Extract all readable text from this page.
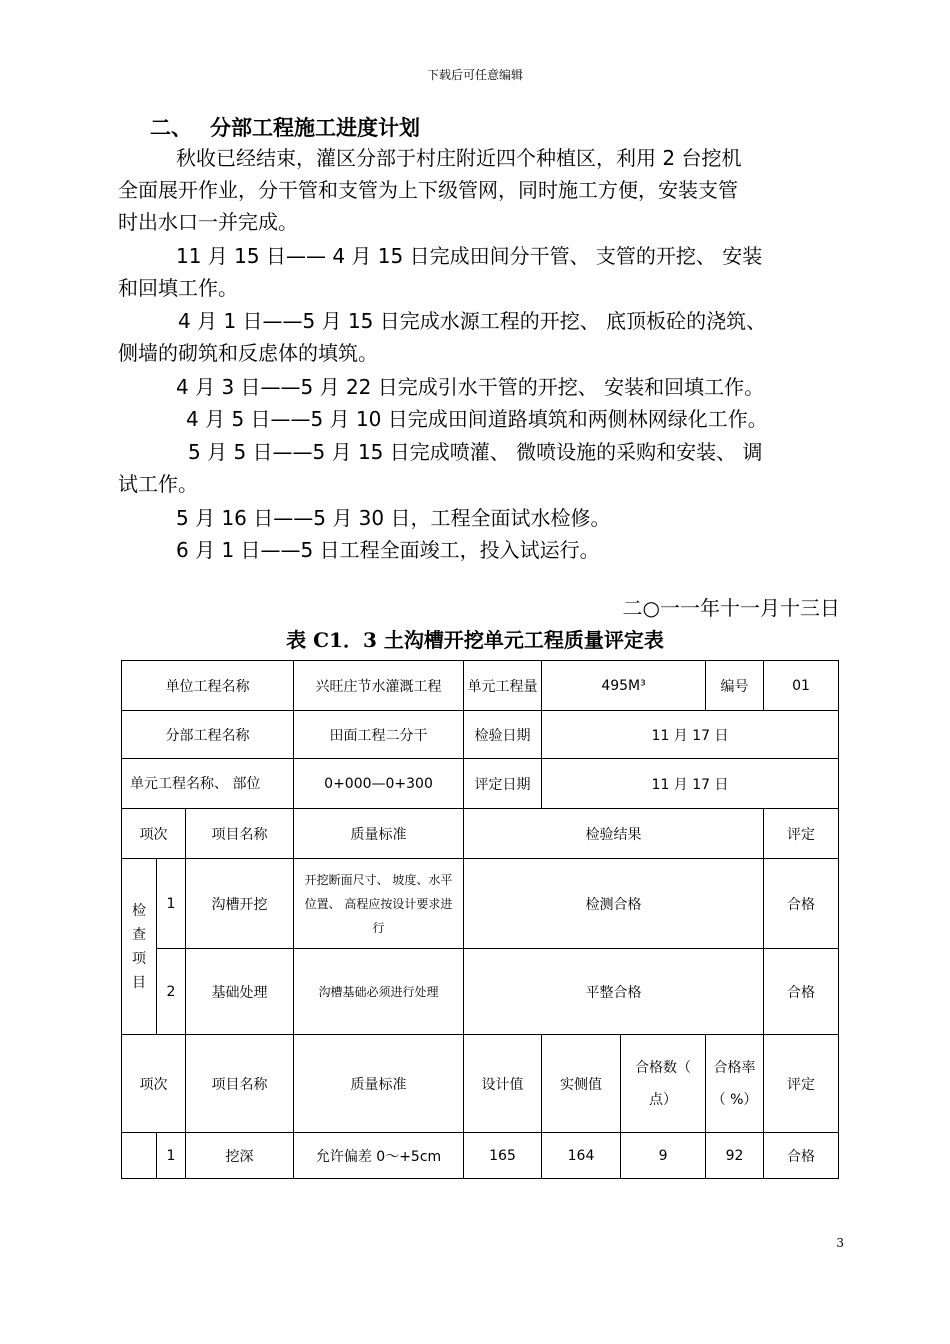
下载后可任意编辑
二、 分部工程施工进度计划
秋收已经结束，灌区分部于村庄附近四个种植区，利用 2 台挖机
全面展开作业，分干管和支管为上下级管网，同时施工方便，安装支管
时出水口一并完成。
11 月 15 日—— 4 月 15 日完成田间分干管、 支管的开挖、 安装
和回填工作。
4 月 1 日——5 月 15 日完成水源工程的开挖、 底顶板砼的浇筑、
侧墙的砌筑和反虑体的填筑。
4 月 3 日——5 月 22 日完成引水干管的开挖、 安装和回填工作。
4 月 5 日——5 月 10 日完成田间道路填筑和两侧林网绿化工作。
5 月 5 日——5 月 15 日完成喷灌、 微喷设施的采购和安装、 调
试工作。
5 月 16 日——5 月 30 日，工程全面试水检修。
6 月 1 日——5 日工程全面竣工，投入试运行。
二○一一年十一月十三日
表 C1．3 土沟槽开挖单元工程质量评定表
单位工程名称			兴旺庄节水灌溉工程	单元工程量	495M³		编号	01
分部工程名称			田面工程二分干	检验日期	11 月 17 日			
单元工程名称、 部位			0+000—0+300	评定日期	11 月 17 日			
项次		项目名称	质量标准	检验结果				评定
检查项目	1	沟槽开挖	开挖断面尺寸、 坡度、水平位置、 高程应按设计要求进行	检测合格				合格
	2	基础处理	沟槽基础必须进行处理	平整合格				合格
项次		项目名称	质量标准	设计值	实侧值	合格数（ 点）	合格率（ %）	评定
	1	挖深	允许偏差 0～+5cm	165	164	9	92	合格
3
